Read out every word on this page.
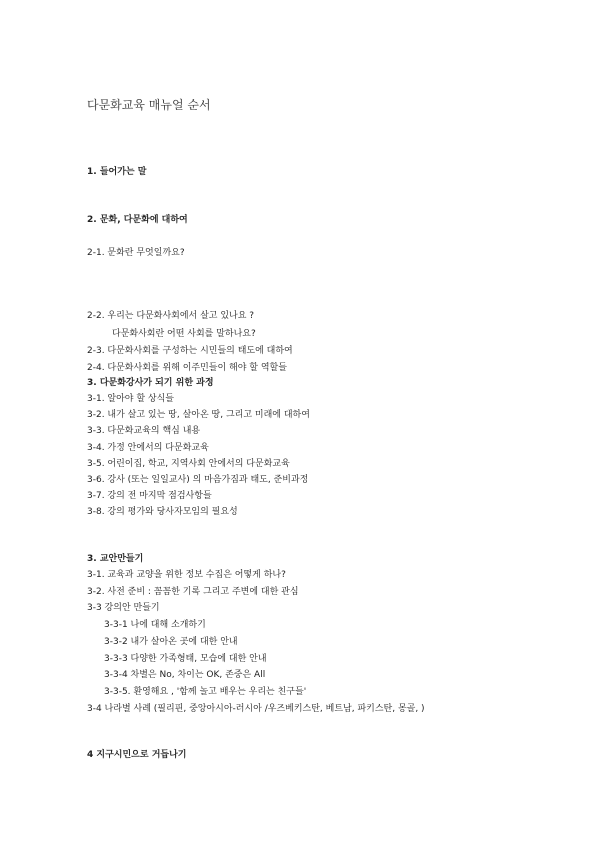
다문화교육 매뉴얼 순서
1. 들어가는 말
2. 문화, 다문화에 대하여
2-1. 문화란 무엇일까요?
2-2. 우리는 다문화사회에서 살고 있나요 ?
다문화사회란 어떤 사회를 말하나요?
2-3. 다문화사회를 구성하는 시민들의 태도에 대하여
2-4. 다문화사회를 위해 이주민들이 해야 할 역할들
3. 다문화강사가 되기 위한 과정
3-1. 알아야 할 상식들
3-2. 내가 살고 있는 땅, 살아온 땅, 그리고 미래에 대하여
3-3. 다문화교육의 핵심 내용
3-4. 가정 안에서의 다문화교육
3-5. 어린이집, 학교, 지역사회 안에서의 다문화교육
3-6. 강사 (또는 일일교사) 의 마음가짐과 태도, 준비과정
3-7. 강의 전 마지막 점검사항들
3-8. 강의 평가와 당사자모임의 필요성
3. 교안만들기
3-1. 교육과 교양을 위한 정보 수집은 어떻게 하나?
3-2. 사전 준비 : 꼼꼼한 기록 그리고 주변에 대한 관심
3-3 강의안 만들기
3-3-1 나에 대해 소개하기
3-3-2 내가 살아온 곳에 대한 안내
3-3-3 다양한 가족형태, 모습에 대한 안내
3-3-4 차별은 No, 차이는 OK, 존중은 All
3-3-5. 환영해요 , '함께 놀고 배우는 우리는 친구들'
3-4 나라별 사례 (필리핀, 중앙아시아-러시아 /우즈베키스탄, 베트남, 파키스탄, 몽골, )
4 지구시민으로 거듭나기
